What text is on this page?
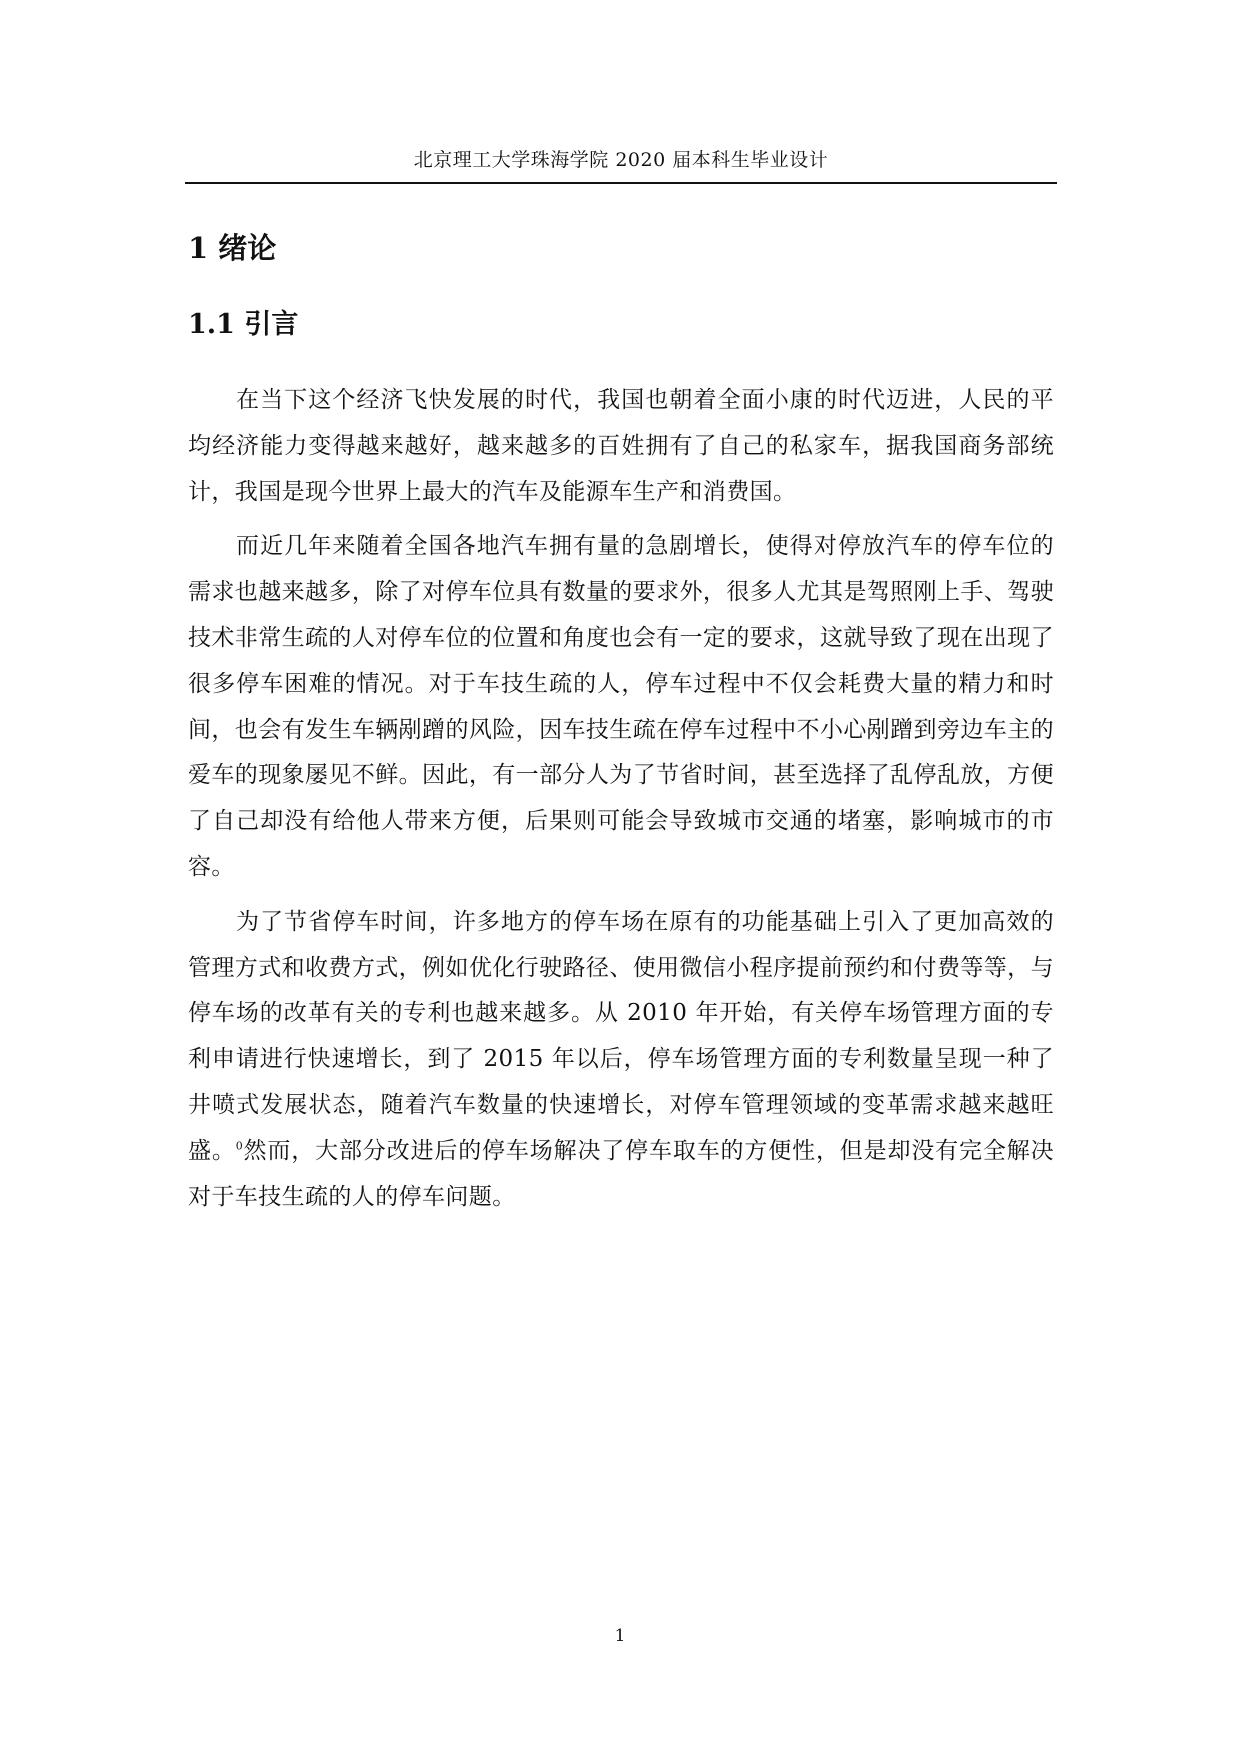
北京理工大学珠海学院 2020 届本科生毕业设计
1 绪论
1.1 引言

在当下这个经济飞快发展的时代，我国也朝着全面小康的时代迈进，人民的平均经济能力变得越来越好，越来越多的百姓拥有了自己的私家车，据我国商务部统计，我国是现今世界上最大的汽车及能源车生产和消费国。

而近几年来随着全国各地汽车拥有量的急剧增长，使得对停放汽车的停车位的需求也越来越多，除了对停车位具有数量的要求外，很多人尤其是驾照刚上手、驾驶技术非常生疏的人对停车位的位置和角度也会有一定的要求，这就导致了现在出现了很多停车困难的情况。对于车技生疏的人，停车过程中不仅会耗费大量的精力和时间，也会有发生车辆剐蹭的风险，因车技生疏在停车过程中不小心剐蹭到旁边车主的爱车的现象屡见不鲜。因此，有一部分人为了节省时间，甚至选择了乱停乱放，方便了自己却没有给他人带来方便，后果则可能会导致城市交通的堵塞，影响城市的市容。

为了节省停车时间，许多地方的停车场在原有的功能基础上引入了更加高效的管理方式和收费方式，例如优化行驶路径、使用微信小程序提前预约和付费等等，与停车场的改革有关的专利也越来越多。从 2010 年开始，有关停车场管理方面的专利申请进行快速增长，到了 2015 年以后，停车场管理方面的专利数量呈现一种了井喷式发展状态，随着汽车数量的快速增长，对停车管理领域的变革需求越来越旺盛。$^0$然而，大部分改进后的停车场解决了停车取车的方便性，但是却没有完全解决对于车技生疏的人的停车问题。

1
